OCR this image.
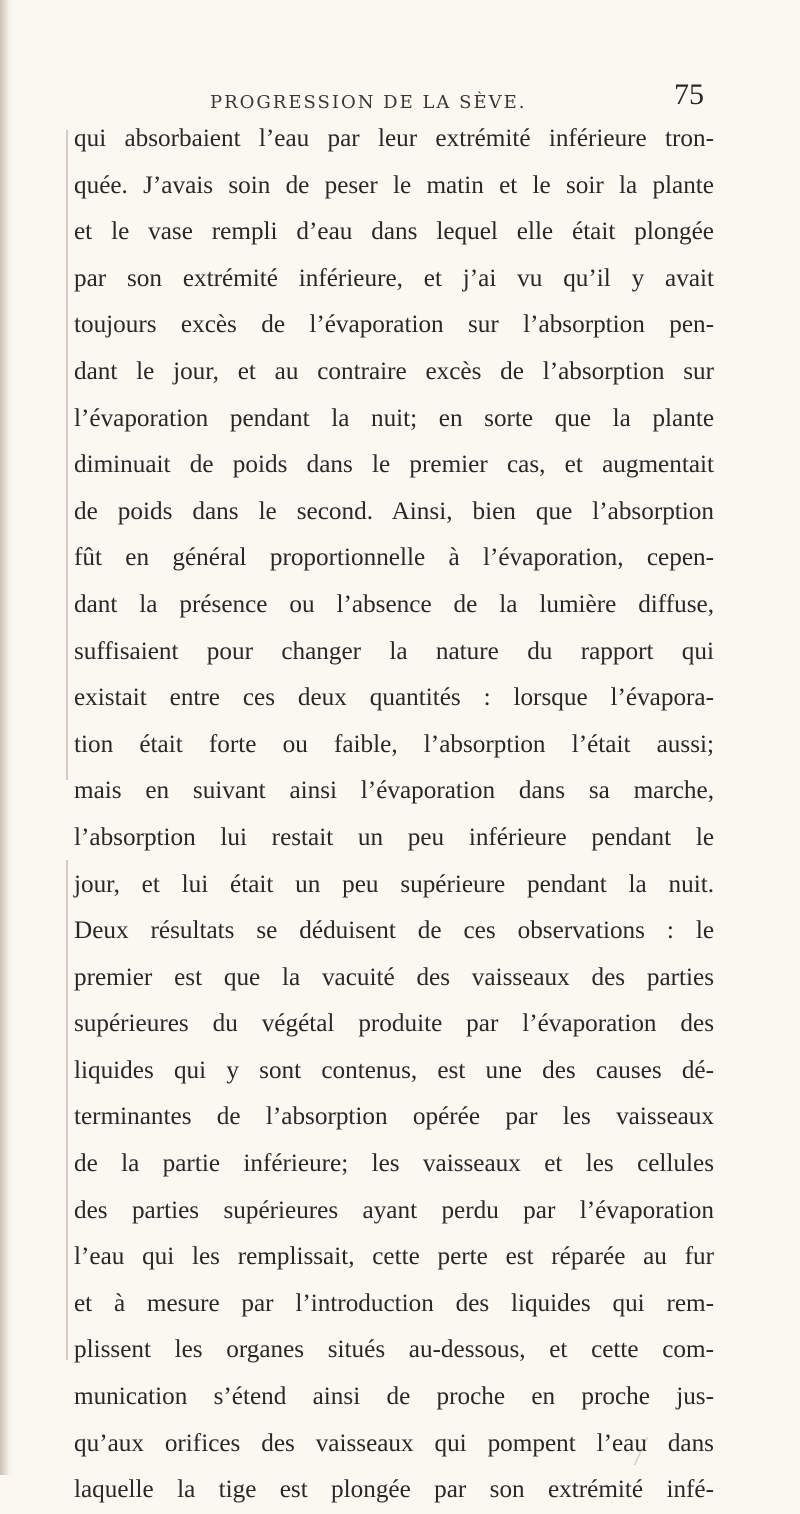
PROGRESSION DE LA SÈVE.	75
qui absorbaient l’eau par leur extrémité inférieure tron-
quée. J’avais soin de peser le matin et le soir la plante
et le vase rempli d’eau dans lequel elle était plongée
par son extrémité inférieure, et j’ai vu qu’il y avait
toujours excès de l’évaporation sur l’absorption pen-
dant le jour, et au contraire excès de l’absorption sur
l’évaporation pendant la nuit; en sorte que la plante
diminuait de poids dans le premier cas, et augmentait
de poids dans le second. Ainsi, bien que l’absorption
fût en général proportionnelle à l’évaporation, cepen-
dant la présence ou l’absence de la lumière diffuse,
suffisaient pour changer la nature du rapport qui
existait entre ces deux quantités : lorsque l’évapora-
tion était forte ou faible, l’absorption l’était aussi;
mais en suivant ainsi l’évaporation dans sa marche,
l’absorption lui restait un peu inférieure pendant le
jour, et lui était un peu supérieure pendant la nuit.
Deux résultats se déduisent de ces observations : le
premier est que la vacuité des vaisseaux des parties
supérieures du végétal produite par l’évaporation des
liquides qui y sont contenus, est une des causes dé-
terminantes de l’absorption opérée par les vaisseaux
de la partie inférieure; les vaisseaux et les cellules
des parties supérieures ayant perdu par l’évaporation
l’eau qui les remplissait, cette perte est réparée au fur
et à mesure par l’introduction des liquides qui rem-
plissent les organes situés au-dessous, et cette com-
munication s’étend ainsi de proche en proche jus-
qu’aux orifices des vaisseaux qui pompent l’eau dans
laquelle la tige est plongée par son extrémité infé-
